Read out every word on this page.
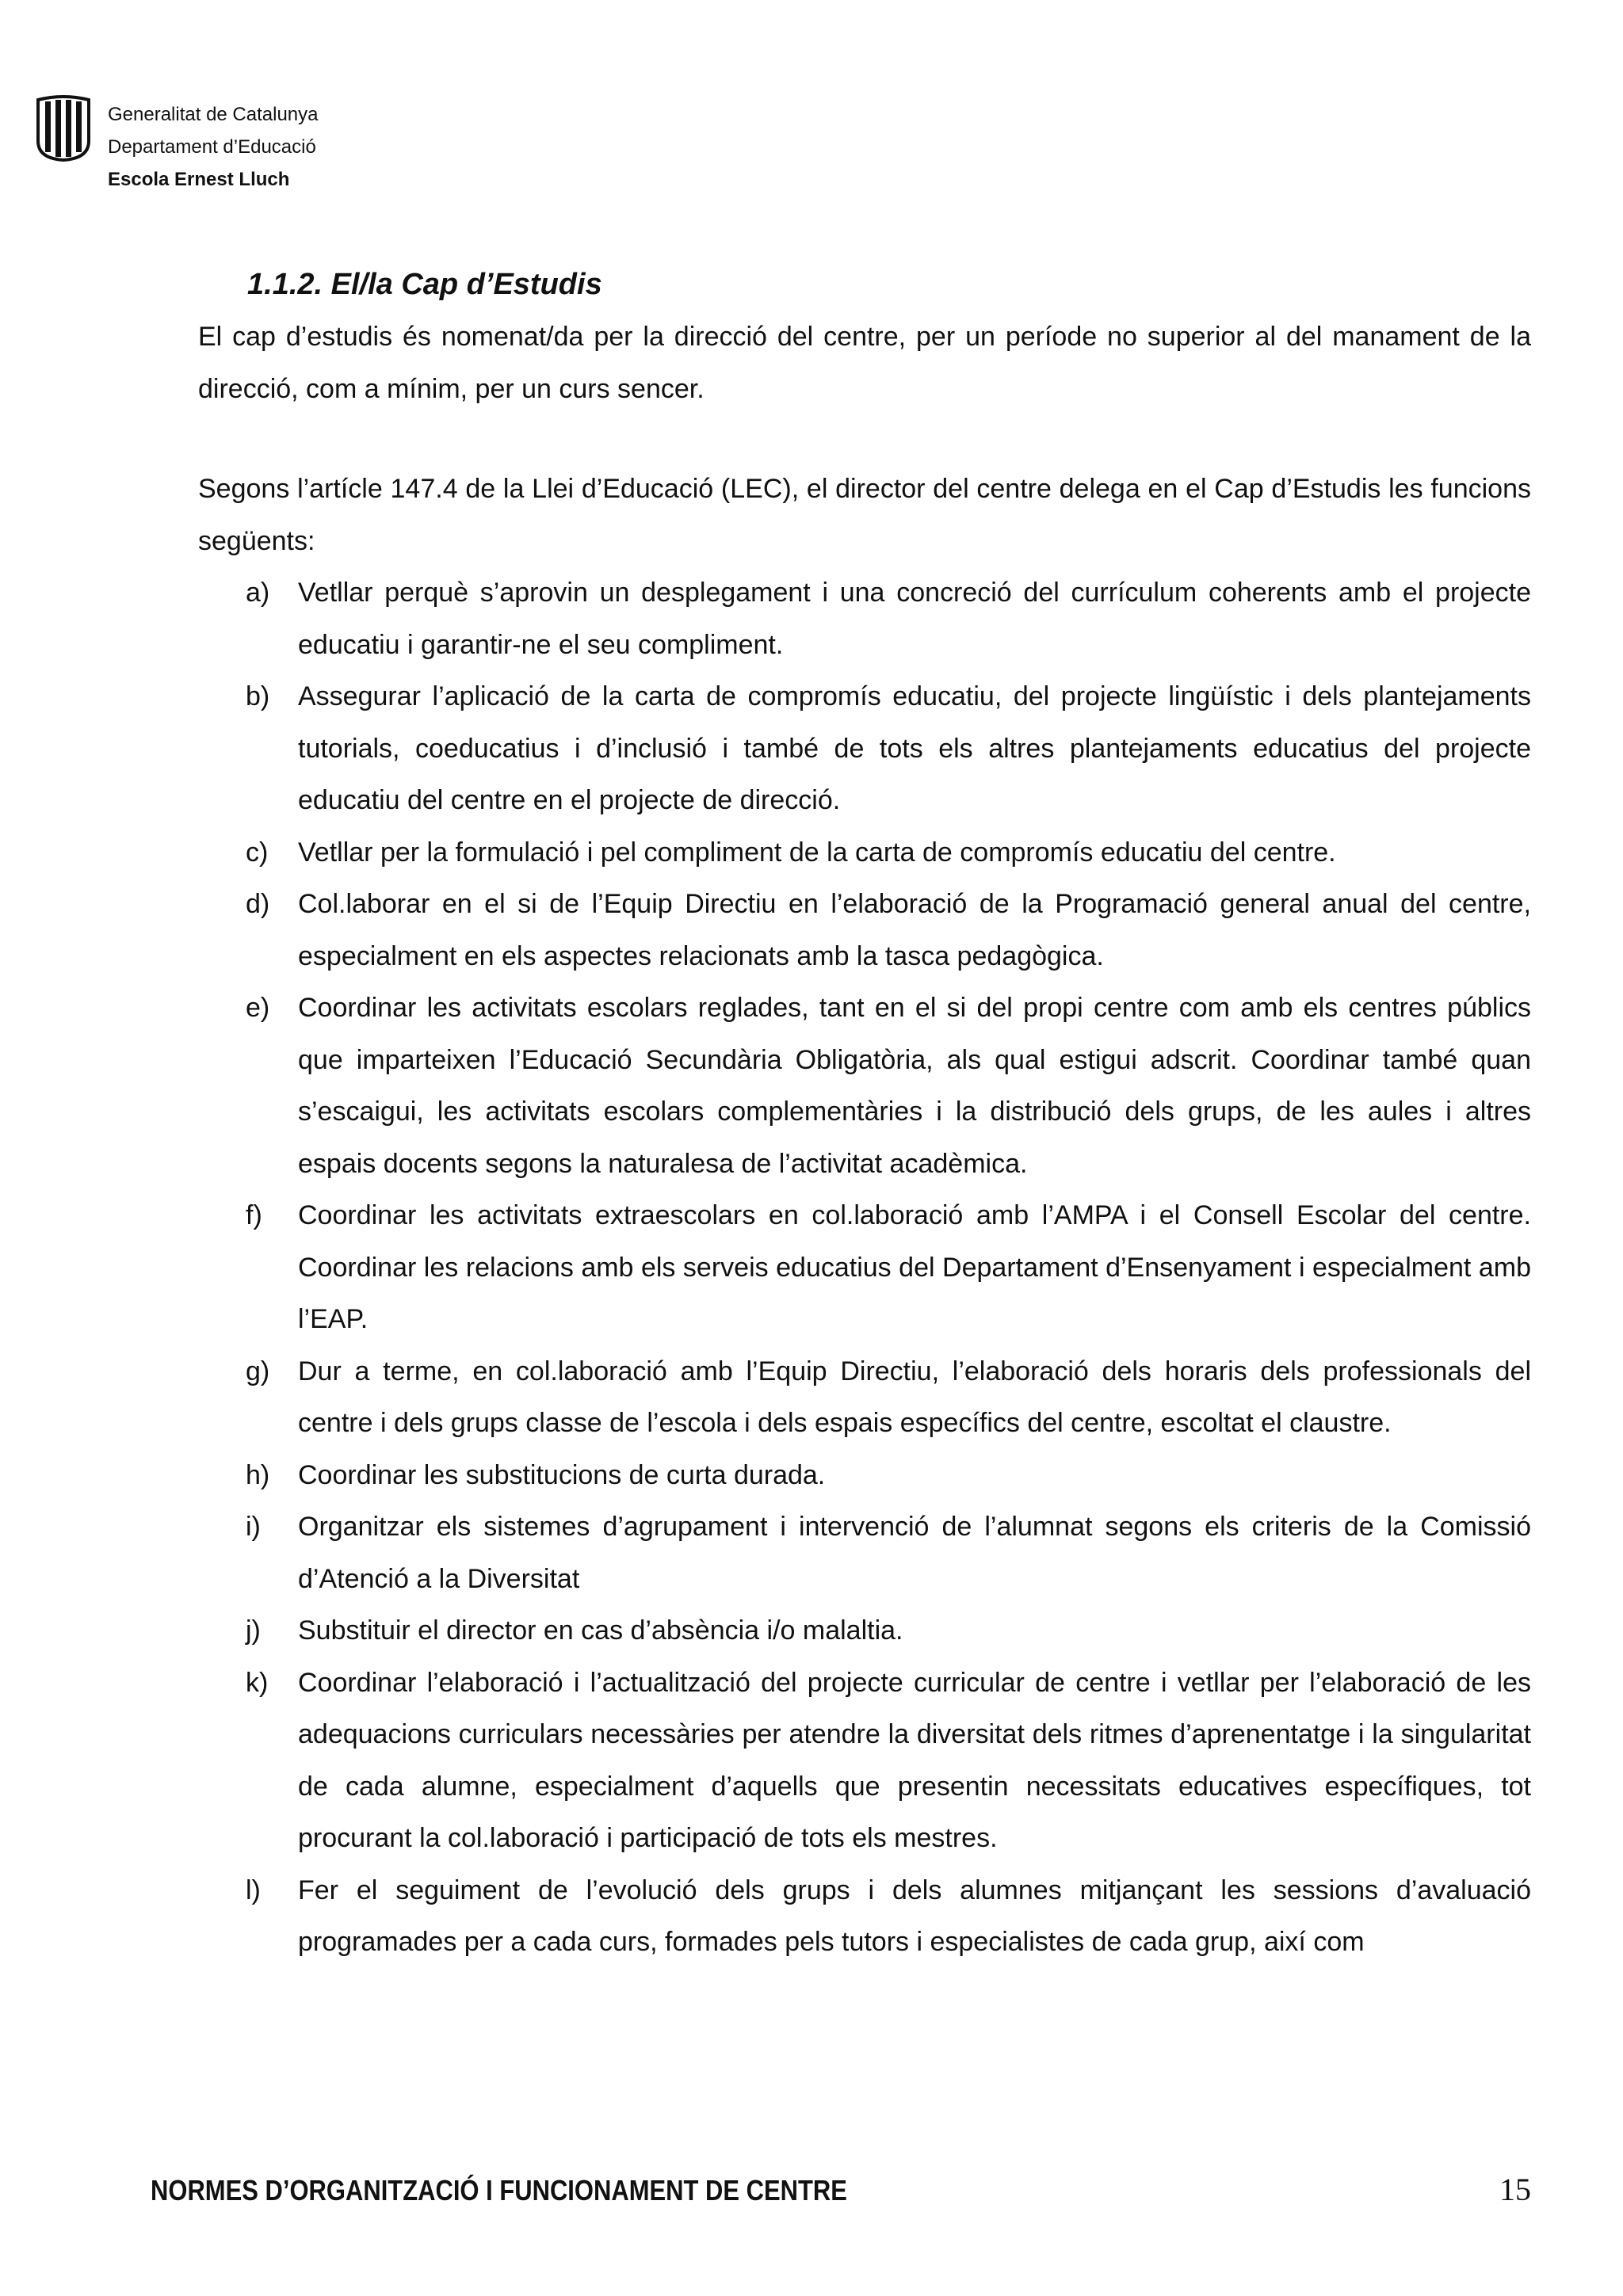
Generalitat de Catalunya
Departament d’Educació
Escola Ernest Lluch
1.1.2. El/la Cap d’Estudis

El cap d’estudis és nomenat/da per la direcció del centre, per un període no superior al del manament de la direcció, com a mínim, per un curs sencer.

Segons l’artícle 147.4 de la Llei d’Educació (LEC), el director del centre delega en el Cap d’Estudis les funcions següents:

a)	Vetllar perquè s’aprovin un desplegament i una concreció del currículum coherents amb el projecte educatiu i garantir-ne el seu compliment.
b)	Assegurar l’aplicació de la carta de compromís educatiu, del projecte lingüístic i dels plantejaments tutorials, coeducatius i d’inclusió i també de tots els altres plantejaments educatius del projecte educatiu del centre en el projecte de direcció.
c)	Vetllar per la formulació i pel compliment de la carta de compromís educatiu del centre.
d)	Col.laborar en el si de l’Equip Directiu en l’elaboració de la Programació general anual del centre, especialment en els aspectes relacionats amb la tasca pedagògica.
e)	Coordinar les activitats escolars reglades, tant en el si del propi centre com amb els centres públics que imparteixen l’Educació Secundària Obligatòria, als qual estigui adscrit. Coordinar també quan s’escaigui, les activitats escolars complementàries i la distribució dels grups, de les aules i altres espais docents segons la naturalesa de l’activitat acadèmica.
f)	Coordinar les activitats extraescolars en col.laboració amb l’AMPA i el Consell Escolar del centre. Coordinar les relacions amb els serveis educatius del Departament d’Ensenyament i especialment amb l’EAP.
g)	Dur a terme, en col.laboració amb l’Equip Directiu, l’elaboració dels horaris dels professionals del centre i dels grups classe de l’escola i dels espais específics del centre, escoltat el claustre.
h)	Coordinar les substitucions de curta durada.
i)	Organitzar els sistemes d’agrupament i intervenció de l’alumnat segons els criteris de la Comissió d’Atenció a la Diversitat
j)	Substituir el director en cas d’absència i/o malaltia.
k)	Coordinar l’elaboració i l’actualització del projecte curricular de centre i vetllar per l’elaboració de les adequacions curriculars necessàries per atendre la diversitat dels ritmes d’aprenentatge i la singularitat de cada alumne, especialment d’aquells que presentin necessitats educatives específiques, tot procurant la col.laboració i participació de tots els mestres.
l)	Fer el seguiment de l’evolució dels grups i dels alumnes mitjançant les sessions d’avaluació programades per a cada curs, formades pels tutors i especialistes de cada grup, així com
NORMES D’ORGANITZACIÓ I FUNCIONAMENT DE CENTRE	15
